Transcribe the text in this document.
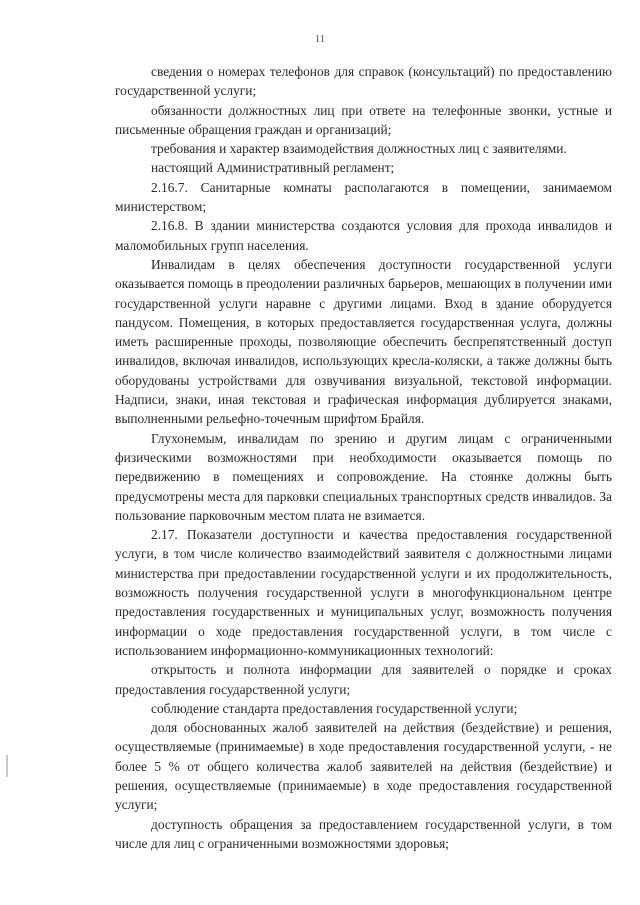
11

сведения о номерах телефонов для справок (консультаций) по предоставлению государственной услуги;

обязанности должностных лиц при ответе на телефонные звонки, устные и письменные обращения граждан и организаций;

требования и характер взаимодействия должностных лиц с заявителями.

настоящий Административный регламент;

2.16.7. Санитарные комнаты располагаются в помещении, занимаемом министерством;

2.16.8. В здании министерства создаются условия для прохода инвалидов и маломобильных групп населения.

Инвалидам в целях обеспечения доступности государственной услуги оказывается помощь в преодолении различных барьеров, мешающих в получении ими государственной услуги наравне с другими лицами. Вход в здание оборудуется пандусом. Помещения, в которых предоставляется государственная услуга, должны иметь расширенные проходы, позволяющие обеспечить беспрепятственный доступ инвалидов, включая инвалидов, использующих кресла-коляски, а также должны быть оборудованы устройствами для озвучивания визуальной, текстовой информации. Надписи, знаки, иная текстовая и графическая информация дублируется знаками, выполненными рельефно-точечным шрифтом Брайля.

Глухонемым, инвалидам по зрению и другим лицам с ограниченными физическими возможностями при необходимости оказывается помощь по передвижению в помещениях и сопровождение. На стоянке должны быть предусмотрены места для парковки специальных транспортных средств инвалидов. За пользование парковочным местом плата не взимается.

2.17. Показатели доступности и качества предоставления государственной услуги, в том числе количество взаимодействий заявителя с должностными лицами министерства при предоставлении государственной услуги и их продолжительность, возможность получения государственной услуги в многофункциональном центре предоставления государственных и муниципальных услуг, возможность получения информации о ходе предоставления государственной услуги, в том числе с использованием информационно-коммуникационных технологий:

открытость и полнота информации для заявителей о порядке и сроках предоставления государственной услуги;

соблюдение стандарта предоставления государственной услуги;

доля обоснованных жалоб заявителей на действия (бездействие) и решения, осуществляемые (принимаемые) в ходе предоставления государственной услуги, - не более 5 % от общего количества жалоб заявителей на действия (бездействие) и решения, осуществляемые (принимаемые) в ходе предоставления государственной услуги;

доступность обращения за предоставлением государственной услуги, в том числе для лиц с ограниченными возможностями здоровья;
